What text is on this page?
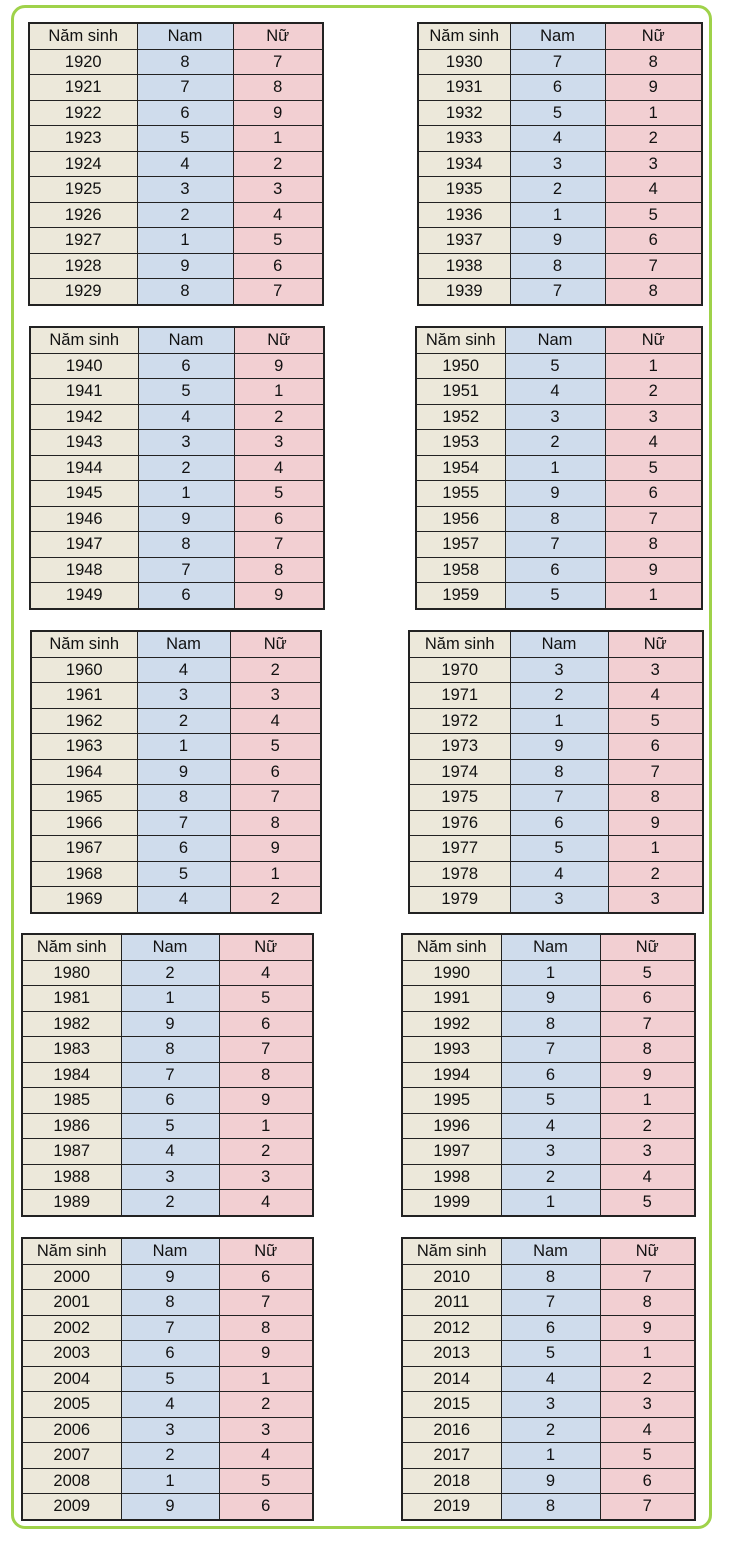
Năm sinh	Nam	Nữ
1920	8	7
1921	7	8
1922	6	9
1923	5	1
1924	4	2
1925	3	3
1926	2	4
1927	1	5
1928	9	6
1929	8	7
Năm sinh	Nam	Nữ
1930	7	8
1931	6	9
1932	5	1
1933	4	2
1934	3	3
1935	2	4
1936	1	5
1937	9	6
1938	8	7
1939	7	8
Năm sinh	Nam	Nữ
1940	6	9
1941	5	1
1942	4	2
1943	3	3
1944	2	4
1945	1	5
1946	9	6
1947	8	7
1948	7	8
1949	6	9
Năm sinh	Nam	Nữ
1950	5	1
1951	4	2
1952	3	3
1953	2	4
1954	1	5
1955	9	6
1956	8	7
1957	7	8
1958	6	9
1959	5	1
Năm sinh	Nam	Nữ
1960	4	2
1961	3	3
1962	2	4
1963	1	5
1964	9	6
1965	8	7
1966	7	8
1967	6	9
1968	5	1
1969	4	2
Năm sinh	Nam	Nữ
1970	3	3
1971	2	4
1972	1	5
1973	9	6
1974	8	7
1975	7	8
1976	6	9
1977	5	1
1978	4	2
1979	3	3
Năm sinh	Nam	Nữ
1980	2	4
1981	1	5
1982	9	6
1983	8	7
1984	7	8
1985	6	9
1986	5	1
1987	4	2
1988	3	3
1989	2	4
Năm sinh	Nam	Nữ
1990	1	5
1991	9	6
1992	8	7
1993	7	8
1994	6	9
1995	5	1
1996	4	2
1997	3	3
1998	2	4
1999	1	5
Năm sinh	Nam	Nữ
2000	9	6
2001	8	7
2002	7	8
2003	6	9
2004	5	1
2005	4	2
2006	3	3
2007	2	4
2008	1	5
2009	9	6
Năm sinh	Nam	Nữ
2010	8	7
2011	7	8
2012	6	9
2013	5	1
2014	4	2
2015	3	3
2016	2	4
2017	1	5
2018	9	6
2019	8	7
